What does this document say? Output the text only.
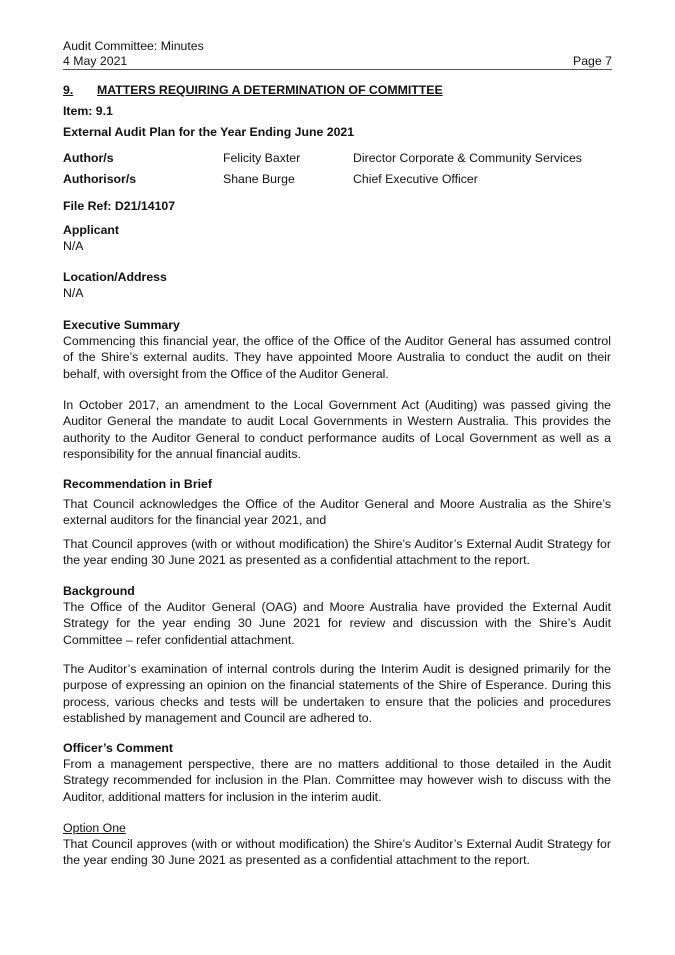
Audit Committee: Minutes
4 May 2021	Page 7
9. MATTERS REQUIRING A DETERMINATION OF COMMITTEE
Item: 9.1
External Audit Plan for the Year Ending June 2021
Author/s	Felicity Baxter	Director Corporate & Community Services
Authorisor/s	Shane Burge	Chief Executive Officer
File Ref: D21/14107
Applicant
N/A
Location/Address
N/A
Executive Summary
Commencing this financial year, the office of the Office of the Auditor General has assumed control of the Shire’s external audits. They have appointed Moore Australia to conduct the audit on their behalf, with oversight from the Office of the Auditor General.
In October 2017, an amendment to the Local Government Act (Auditing) was passed giving the Auditor General the mandate to audit Local Governments in Western Australia. This provides the authority to the Auditor General to conduct performance audits of Local Government as well as a responsibility for the annual financial audits.
Recommendation in Brief
That Council acknowledges the Office of the Auditor General and Moore Australia as the Shire’s external auditors for the financial year 2021, and
That Council approves (with or without modification) the Shire’s Auditor’s External Audit Strategy for the year ending 30 June 2021 as presented as a confidential attachment to the report.
Background
The Office of the Auditor General (OAG) and Moore Australia have provided the External Audit Strategy for the year ending 30 June 2021 for review and discussion with the Shire’s Audit Committee – refer confidential attachment.
The Auditor’s examination of internal controls during the Interim Audit is designed primarily for the purpose of expressing an opinion on the financial statements of the Shire of Esperance. During this process, various checks and tests will be undertaken to ensure that the policies and procedures established by management and Council are adhered to.
Officer’s Comment
From a management perspective, there are no matters additional to those detailed in the Audit Strategy recommended for inclusion in the Plan. Committee may however wish to discuss with the Auditor, additional matters for inclusion in the interim audit.
Option One
That Council approves (with or without modification) the Shire’s Auditor’s External Audit Strategy for the year ending 30 June 2021 as presented as a confidential attachment to the report.
